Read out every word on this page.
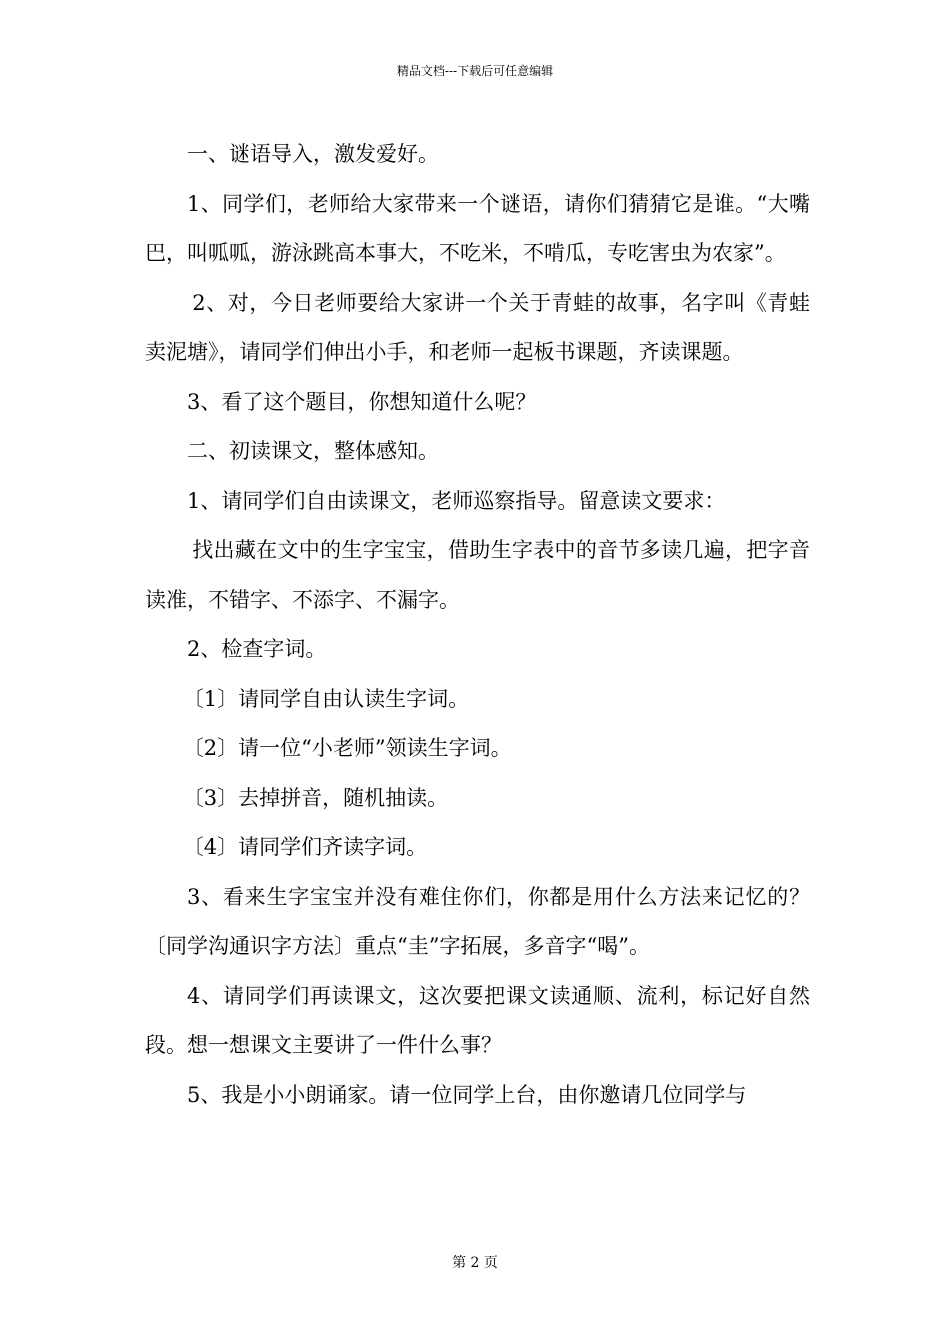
精品文档---下载后可任意编辑

一、谜语导入，激发爱好。

1、同学们，老师给大家带来一个谜语，请你们猜猜它是谁。“大嘴巴，叫呱呱，游泳跳高本事大，不吃米，不啃瓜，专吃害虫为农家”。

2、对，今日老师要给大家讲一个关于青蛙的故事，名字叫《青蛙卖泥塘》，请同学们伸出小手，和老师一起板书课题，齐读课题。

3、看了这个题目，你想知道什么呢？

二、初读课文，整体感知。

1、请同学们自由读课文，老师巡察指导。留意读文要求：

找出藏在文中的生字宝宝，借助生字表中的音节多读几遍，把字音读准，不错字、不添字、不漏字。

2、检查字词。

〔1〕请同学自由认读生字词。

〔2〕请一位“小老师”领读生字词。

〔3〕去掉拼音，随机抽读。

〔4〕请同学们齐读字词。

3、看来生字宝宝并没有难住你们，你都是用什么方法来记忆的？〔同学沟通识字方法〕重点“圭”字拓展，多音字“喝”。

4、请同学们再读课文，这次要把课文读通顺、流利，标记好自然段。想一想课文主要讲了一件什么事？

5、我是小小朗诵家。请一位同学上台，由你邀请几位同学与

第 2 页
